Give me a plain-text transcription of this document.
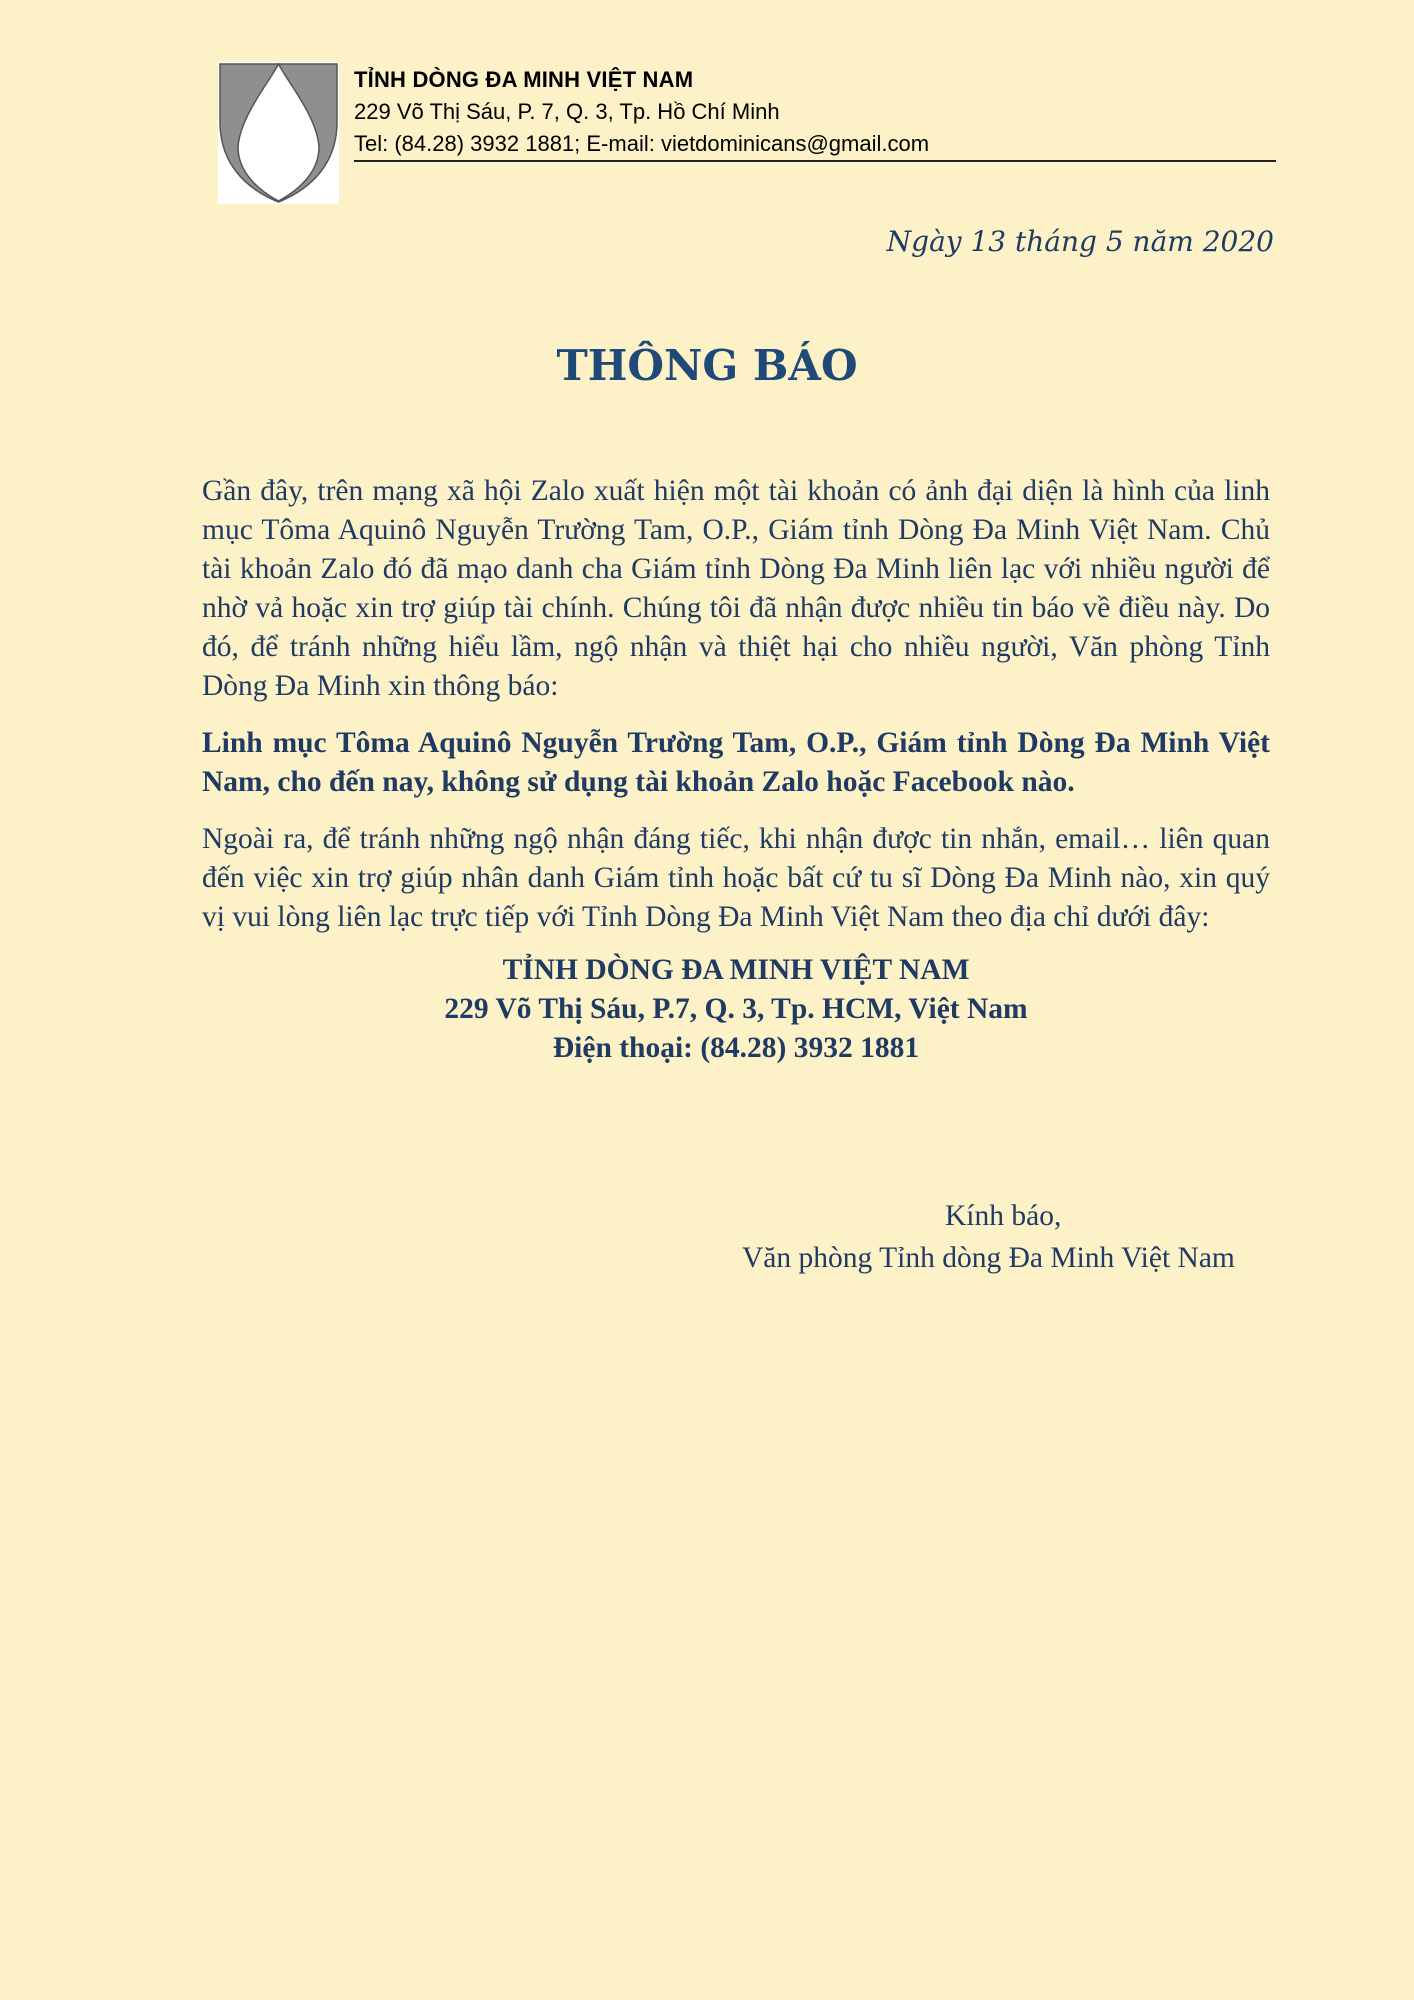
TỈNH DÒNG ĐA MINH VIỆT NAM
229 Võ Thị Sáu, P. 7, Q. 3, Tp. Hồ Chí Minh
Tel: (84.28) 3932 1881; E-mail: vietdominicans@gmail.com
Ngày 13 tháng 5 năm 2020
THÔNG BÁO

Gần đây, trên mạng xã hội Zalo xuất hiện một tài khoản có ảnh đại diện là hình của linh mục Tôma Aquinô Nguyễn Trường Tam, O.P., Giám tỉnh Dòng Đa Minh Việt Nam. Chủ tài khoản Zalo đó đã mạo danh cha Giám tỉnh Dòng Đa Minh liên lạc với nhiều người để nhờ vả hoặc xin trợ giúp tài chính. Chúng tôi đã nhận được nhiều tin báo về điều này. Do đó, để tránh những hiểu lầm, ngộ nhận và thiệt hại cho nhiều người, Văn phòng Tỉnh Dòng Đa Minh xin thông báo:

Linh mục Tôma Aquinô Nguyễn Trường Tam, O.P., Giám tỉnh Dòng Đa Minh Việt Nam, cho đến nay, không sử dụng tài khoản Zalo hoặc Facebook nào.

Ngoài ra, để tránh những ngộ nhận đáng tiếc, khi nhận được tin nhắn, email… liên quan đến việc xin trợ giúp nhân danh Giám tỉnh hoặc bất cứ tu sĩ Dòng Đa Minh nào, xin quý vị vui lòng liên lạc trực tiếp với Tỉnh Dòng Đa Minh Việt Nam theo địa chỉ dưới đây:

TỈNH DÒNG ĐA MINH VIỆT NAM
229 Võ Thị Sáu, P.7, Q. 3, Tp. HCM, Việt Nam
Điện thoại: (84.28) 3932 1881
Kính báo,
Văn phòng Tỉnh dòng Đa Minh Việt Nam
